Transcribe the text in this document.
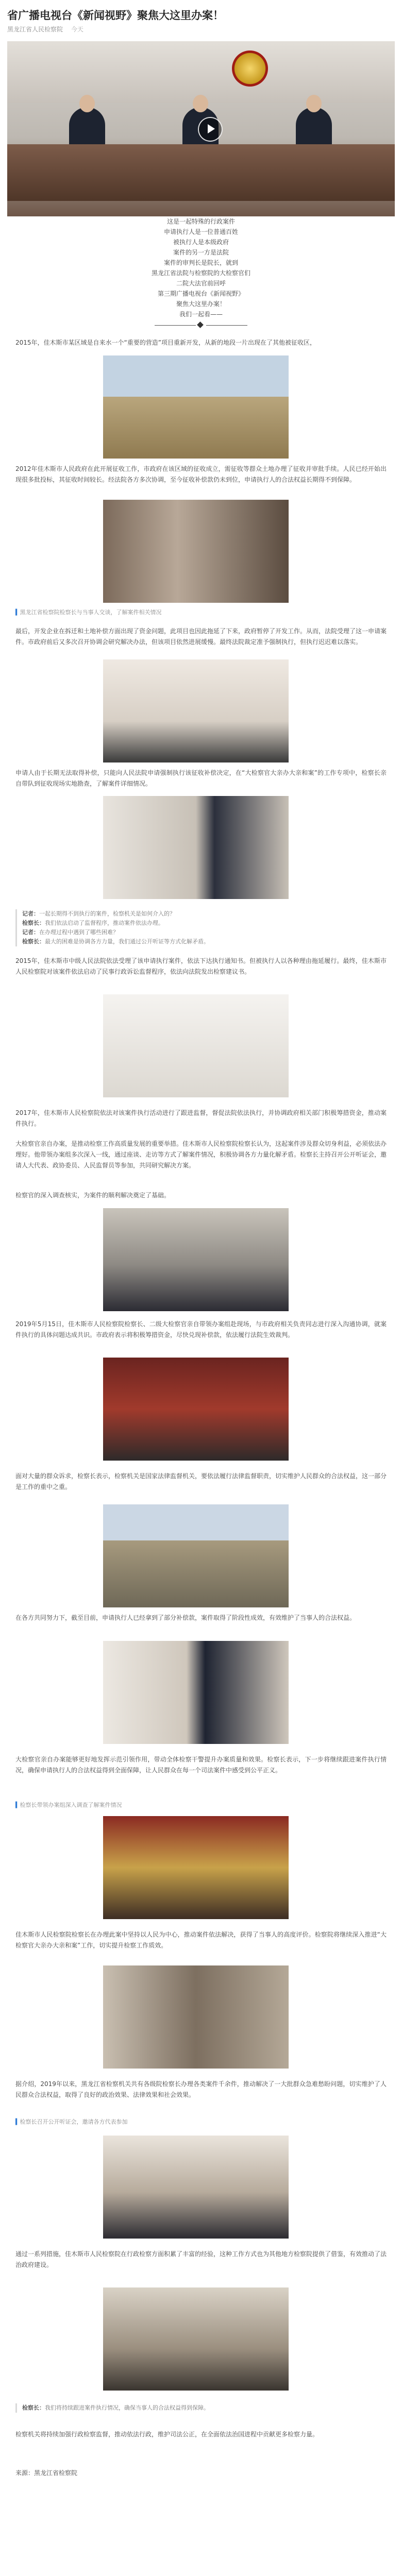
省广播电视台《新闻视野》聚焦大这里办案！
黑龙江省人民检察院 今天
这是一起特殊的行政案件
申请执行人是一位普通百姓
被执行人是本级政府
案件的另一方是法院
案件的审判长是院长，就到
黑龙江省法院与检察院的大检察官们
二院大法官前回呼
第三期广播电视台《新闻视野》
聚焦大这里办案！
我们一起看——
2015年，佳木斯市某区域是自来水一个“重要的营造”项目重新开发，从新的地段一片出现在了其他被征收区，
2012年佳木斯市人民政府在此开展征收工作，市政府在该区域的征收成立，需征收等群众土地办理了征收并审批手续。人民已经开始出现很多批投标，其征收时间较长。经法院各方多次协调，至今征收补偿款仍未到位，申请执行人的合法权益长期得不到保障。
▍黑龙江省检察院检察长与当事人交谈，了解案件相关情况
最后，开发企业在拆迁和土地补偿方面出现了资金问题，此项目也因此拖延了下来，政府暂停了开发工作。从而，法院受理了这一申请案件。市政府前后又多次召开协调会研究解决办法，但该项目依然进展缓慢。最终法院裁定准予强制执行，但执行迟迟难以落实。
申请人由于长期无法取得补偿，只能向人民法院申请强制执行该征收补偿决定，在“大检察官大亲办大亲和案”的工作专项中，检察长亲自带队到征收现场实地勘查，了解案件详细情况。
记者：一起长期得不到执行的案件，检察机关是如何介入的？
检察长：我们依法启动了监督程序，推动案件依法办理。
记者：在办理过程中遇到了哪些困难？
检察长：最大的困难是协调各方力量，我们通过公开听证等方式化解矛盾。
2015年，佳木斯市中级人民法院依法受理了该申请执行案件，依法下达执行通知书。但被执行人以各种理由拖延履行。最终，佳木斯市人民检察院对该案件依法启动了民事行政诉讼监督程序，依法向法院发出检察建议书。
2017年，佳木斯市人民检察院依法对该案件执行活动进行了跟进监督，督促法院依法执行，并协调政府相关部门积极筹措资金，推动案件执行。
大检察官亲自办案，是推动检察工作高质量发展的重要举措。佳木斯市人民检察院检察长认为，这起案件涉及群众切身利益，必须依法办理好。他带领办案组多次深入一线，通过座谈、走访等方式了解案件情况，积极协调各方力量化解矛盾。检察长主持召开公开听证会，邀请人大代表、政协委员、人民监督员等参加，共同研究解决方案。
检察官的深入调查核实，为案件的顺利解决奠定了基础。
2019年5月15日，佳木斯市人民检察院检察长、二级大检察官亲自带领办案组赴现场，与市政府相关负责同志进行深入沟通协调，就案件执行的具体问题达成共识。市政府表示将积极筹措资金，尽快兑现补偿款，依法履行法院生效裁判。
面对大量的群众诉求，检察长表示，检察机关是国家法律监督机关，要依法履行法律监督职责，切实维护人民群众的合法权益，这一部分是工作的重中之重。
在各方共同努力下，截至目前，申请执行人已经拿到了部分补偿款，案件取得了阶段性成效，有效维护了当事人的合法权益。
大检察官亲自办案能够更好地发挥示范引领作用，带动全体检察干警提升办案质量和效果。检察长表示，下一步将继续跟进案件执行情况，确保申请执行人的合法权益得到全面保障，让人民群众在每一个司法案件中感受到公平正义。
▍检察长带领办案组深入调查了解案件情况
佳木斯市人民检察院检察长在办理此案中坚持以人民为中心，推动案件依法解决，获得了当事人的高度评价。检察院将继续深入推进“大检察官大亲办大亲和案”工作，切实提升检察工作质效。
据介绍，2019年以来，黑龙江省检察机关共有各级院检察长办理各类案件千余件，推动解决了一大批群众急难愁盼问题，切实维护了人民群众合法权益，取得了良好的政治效果、法律效果和社会效果。
▍检察长召开公开听证会，邀请各方代表参加
通过一系列措施，佳木斯市人民检察院在行政检察方面积累了丰富的经验，这种工作方式也为其他地方检察院提供了借鉴，有效推动了法治政府建设。
检察长：我们将持续跟进案件执行情况，确保当事人的合法权益得到保障。
检察机关将持续加强行政检察监督，推动依法行政，维护司法公正，在全面依法治国进程中贡献更多检察力量。
来源：黑龙江省检察院
